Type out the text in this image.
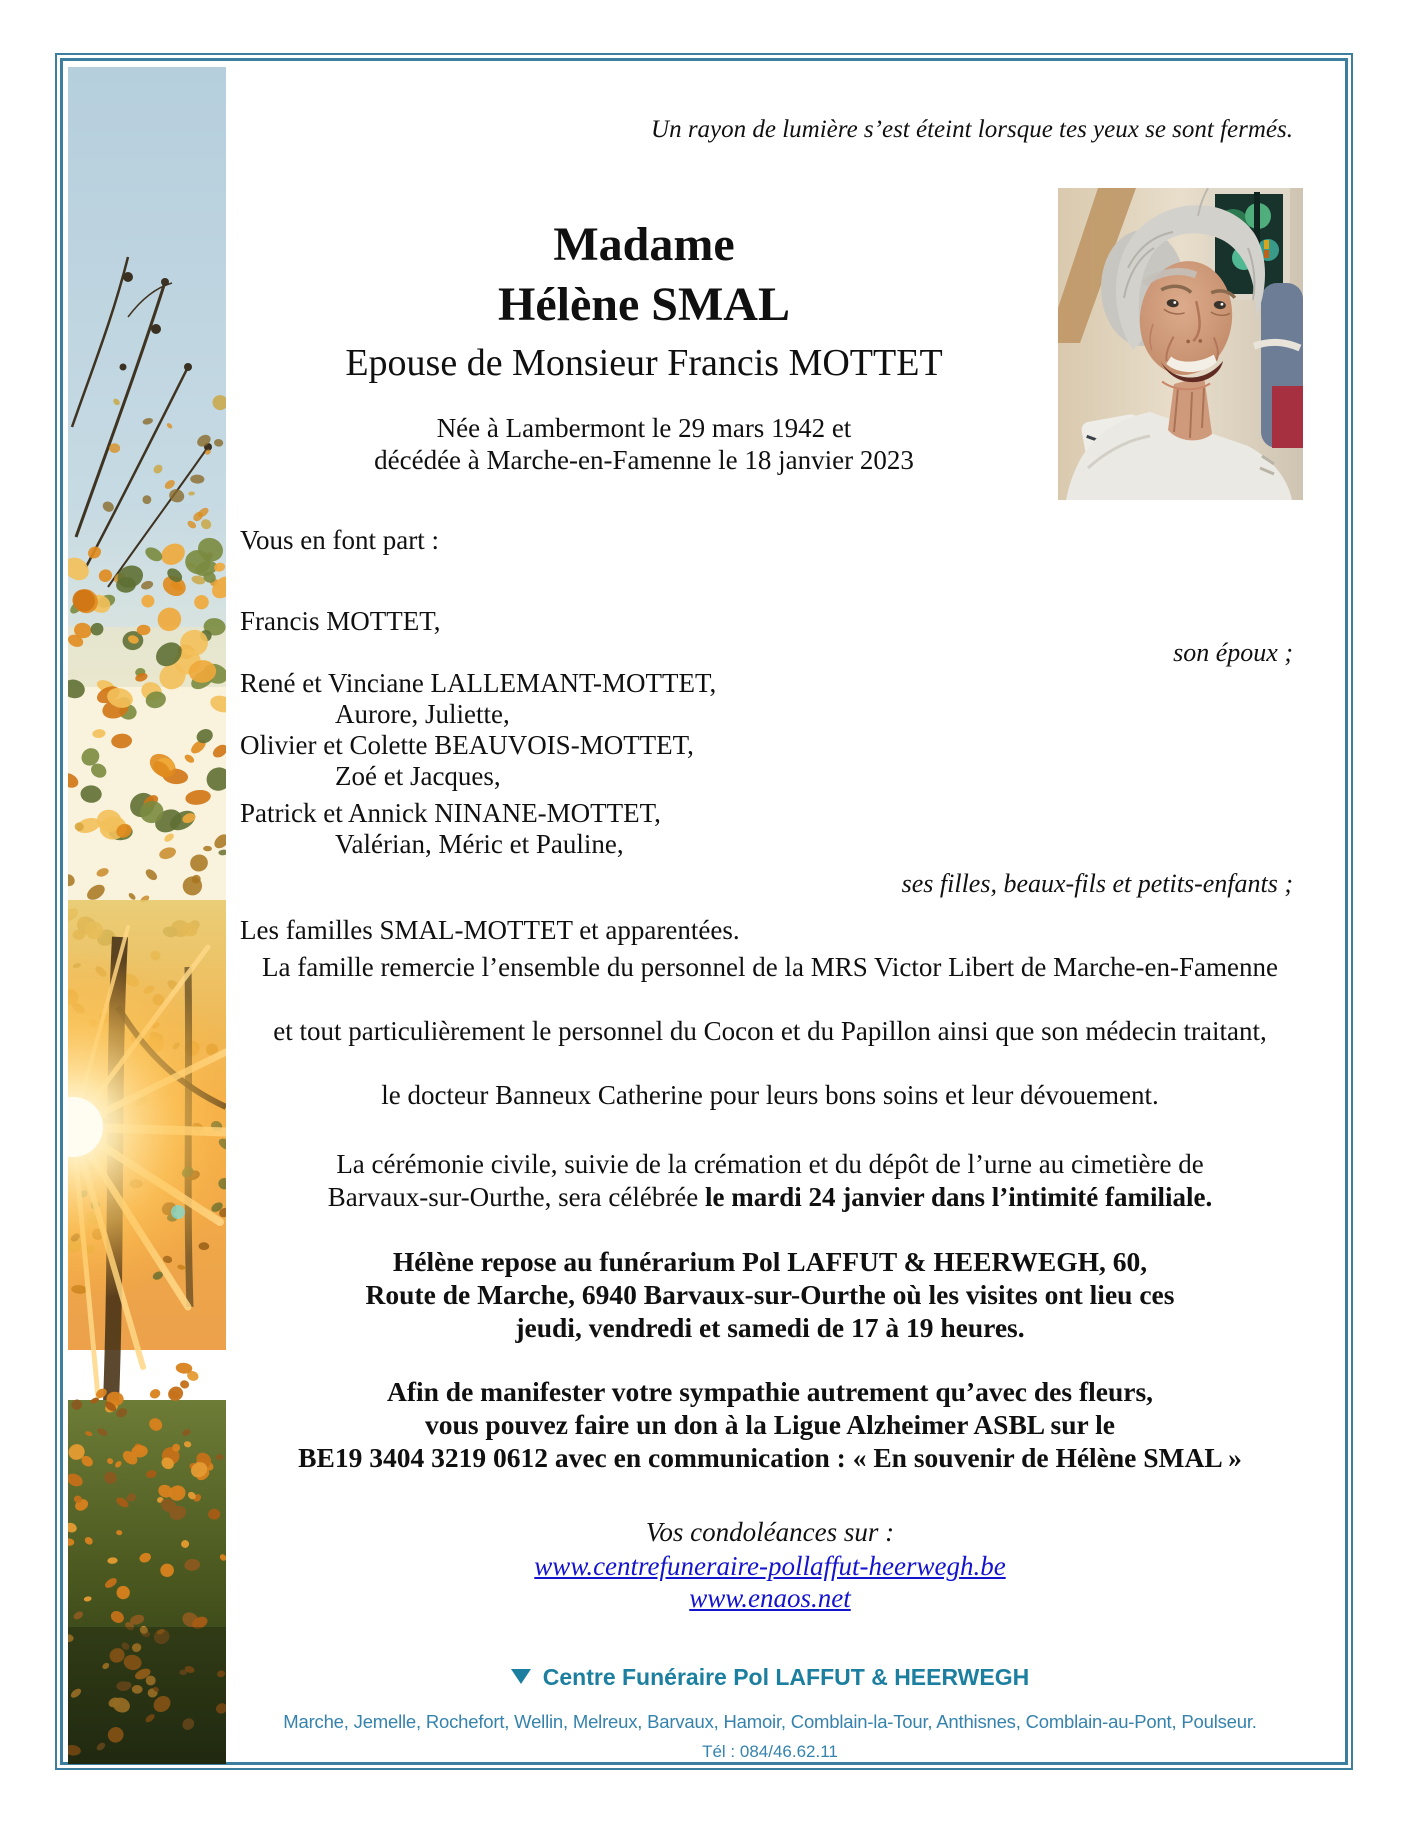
Un rayon de lumière s’est éteint lorsque tes yeux se sont fermés.
Madame
Hélène SMAL
Epouse de Monsieur Francis MOTTET
Née à Lambermont le 29 mars 1942 et
décédée à Marche-en-Famenne le 18 janvier 2023
Vous en font part :

Francis MOTTET,

son époux ;

René et Vinciane LALLEMANT-MOTTET,

Aurore, Juliette,

Olivier et Colette BEAUVOIS-MOTTET,

Zoé et Jacques,

Patrick et Annick NINANE-MOTTET,

Valérian, Méric et Pauline,

ses filles, beaux-fils et petits-enfants ;

Les familles SMAL-MOTTET et apparentées.

La famille remercie l’ensemble du personnel de la MRS Victor Libert de Marche-en-Famenne
et tout particulièrement le personnel du Cocon et du Papillon ainsi que son médecin traitant,
le docteur Banneux Catherine pour leurs bons soins et leur dévouement.
La cérémonie civile, suivie de la crémation et du dépôt de l’urne au cimetière de
Barvaux-sur-Ourthe, sera célébrée le mardi 24 janvier dans l’intimité familiale.
Hélène repose au funérarium Pol LAFFUT & HEERWEGH, 60,
Route de Marche, 6940 Barvaux-sur-Ourthe où les visites ont lieu ces
jeudi, vendredi et samedi de 17 à 19 heures.
Afin de manifester votre sympathie autrement qu’avec des fleurs,
vous pouvez faire un don à la Ligue Alzheimer ASBL sur le
BE19 3404 3219 0612 avec en communication : « En souvenir de Hélène SMAL »
Vos condoléances sur :
www.centrefuneraire-pollaffut-heerwegh.be
www.enaos.net
Centre Funéraire Pol LAFFUT & HEERWEGH
Marche, Jemelle, Rochefort, Wellin, Melreux, Barvaux, Hamoir, Comblain-la-Tour, Anthisnes, Comblain-au-Pont, Poulseur.
Tél : 084/46.62.11
